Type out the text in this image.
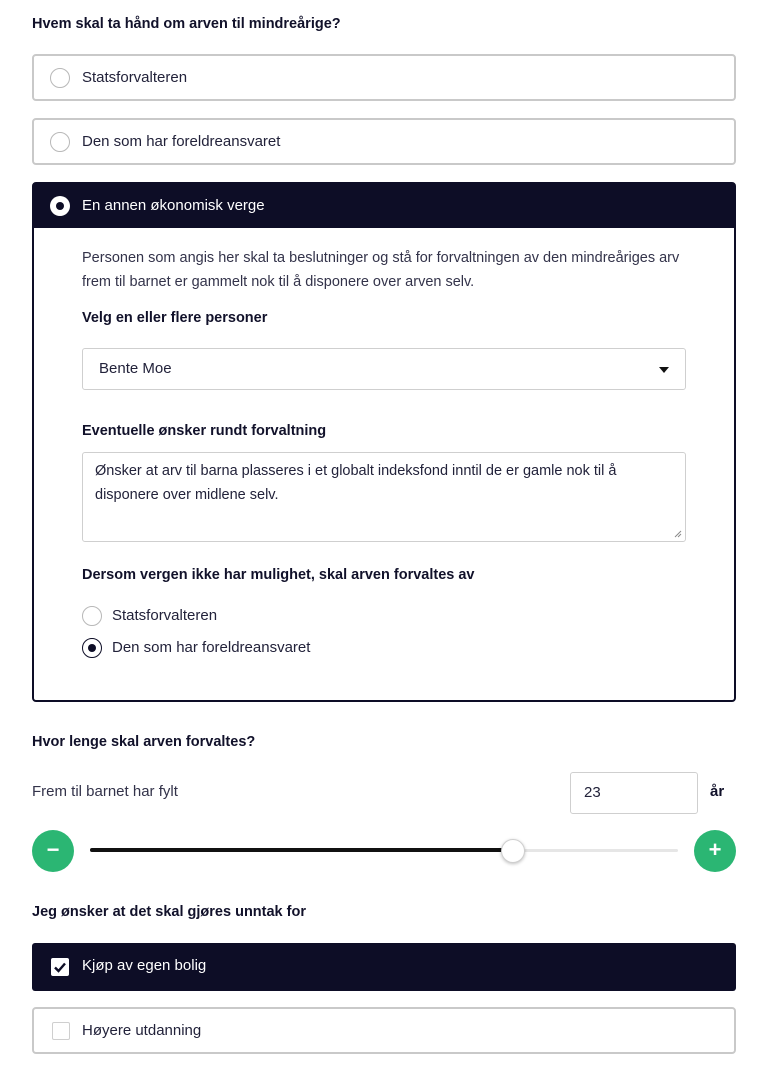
Hvem skal ta hånd om arven til mindreårige?
Statsforvalteren
Den som har foreldreansvaret
En annen økonomisk verge
Personen som angis her skal ta beslutninger og stå for forvaltningen av den mindreåriges arv frem til barnet er gammelt nok til å disponere over arven selv.
Velg en eller flere personer
Bente Moe
Eventuelle ønsker rundt forvaltning
Ønsker at arv til barna plasseres i et globalt indeksfond inntil de er gamle nok til å disponere over midlene selv.
Dersom vergen ikke har mulighet, skal arven forvaltes av
Statsforvalteren
Den som har foreldreansvaret
Hvor lenge skal arven forvaltes?
Frem til barnet har fylt	23	år
−	+
Jeg ønsker at det skal gjøres unntak for
Kjøp av egen bolig
Høyere utdanning
